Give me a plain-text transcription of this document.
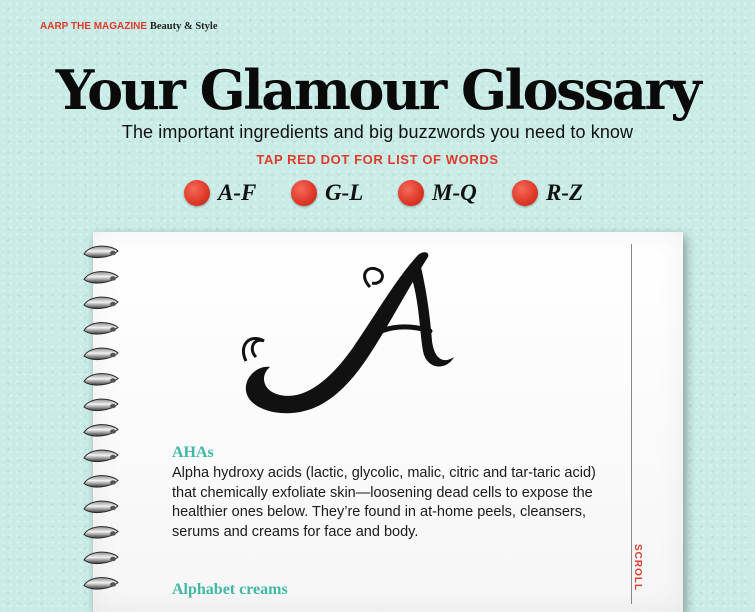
AARP THE MAGAZINE Beauty & Style
Your Glamour Glossary
The important ingredients and big buzzwords you need to know
TAP RED DOT FOR LIST OF WORDS
A-F	G-L	M-Q	R-Z
SCROLL
AHAs
Alpha hydroxy acids (lactic, glycolic, malic, citric and tar-taric acid) that chemically exfoliate skin—loosening dead cells to expose the healthier ones below. They’re found in at-home peels, cleansers, serums and creams for face and body.
Alphabet creams
